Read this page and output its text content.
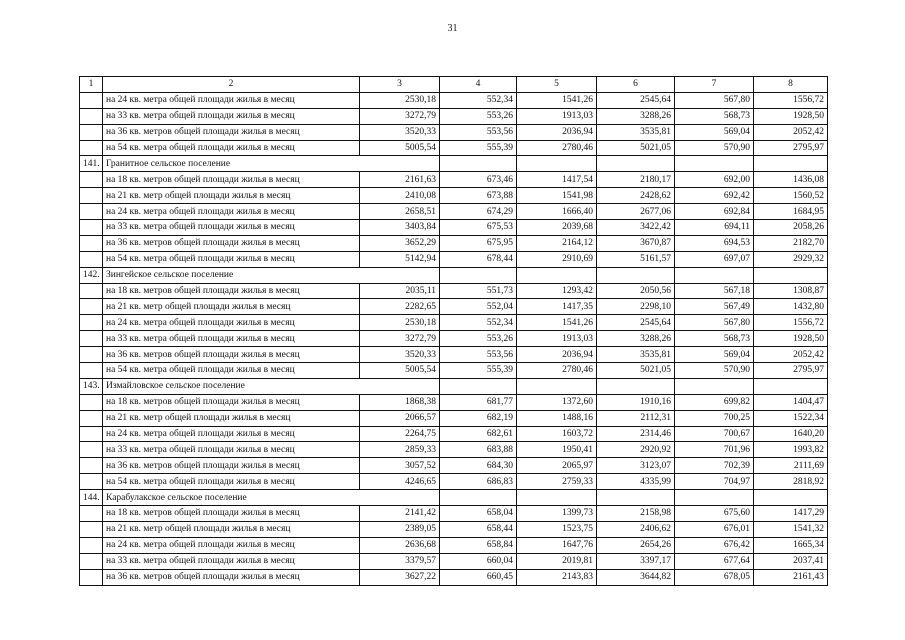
31
1	2	3	4	5	6	7	8
	на 24 кв. метра общей площади жилья в месяц	2530,18	552,34	1541,26	2545,64	567,80	1556,72
	на 33 кв. метра общей площади жилья в месяц	3272,79	553,26	1913,03	3288,26	568,73	1928,50
	на 36 кв. метров общей площади жилья в месяц	3520,33	553,56	2036,94	3535,81	569,04	2052,42
	на 54 кв. метра общей площади жилья в месяц	5005,54	555,39	2780,46	5021,05	570,90	2795,97
141.	Гранитное сельское поселение						
	на 18 кв. метров общей площади жилья в месяц	2161,63	673,46	1417,54	2180,17	692,00	1436,08
	на 21 кв. метр общей площади жилья в месяц	2410,08	673,88	1541,98	2428,62	692,42	1560,52
	на 24 кв. метра общей площади жилья в месяц	2658,51	674,29	1666,40	2677,06	692,84	1684,95
	на 33 кв. метра общей площади жилья в месяц	3403,84	675,53	2039,68	3422,42	694,11	2058,26
	на 36 кв. метров общей площади жилья в месяц	3652,29	675,95	2164,12	3670,87	694,53	2182,70
	на 54 кв. метра общей площади жилья в месяц	5142,94	678,44	2910,69	5161,57	697,07	2929,32
142.	Зингейское сельское поселение						
	на 18 кв. метров общей площади жилья в месяц	2035,11	551,73	1293,42	2050,56	567,18	1308,87
	на 21 кв. метр общей площади жилья в месяц	2282,65	552,04	1417,35	2298,10	567,49	1432,80
	на 24 кв. метра общей площади жилья в месяц	2530,18	552,34	1541,26	2545,64	567,80	1556,72
	на 33 кв. метра общей площади жилья в месяц	3272,79	553,26	1913,03	3288,26	568,73	1928,50
	на 36 кв. метров общей площади жилья в месяц	3520,33	553,56	2036,94	3535,81	569,04	2052,42
	на 54 кв. метра общей площади жилья в месяц	5005,54	555,39	2780,46	5021,05	570,90	2795,97
143.	Измайловское сельское поселение						
	на 18 кв. метров общей площади жилья в месяц	1868,38	681,77	1372,60	1910,16	699,82	1404,47
	на 21 кв. метр общей площади жилья в месяц	2066,57	682,19	1488,16	2112,31	700,25	1522,34
	на 24 кв. метра общей площади жилья в месяц	2264,75	682,61	1603,72	2314,46	700,67	1640,20
	на 33 кв. метра общей площади жилья в месяц	2859,33	683,88	1950,41	2920,92	701,96	1993,82
	на 36 кв. метров общей площади жилья в месяц	3057,52	684,30	2065,97	3123,07	702,39	2111,69
	на 54 кв. метра общей площади жилья в месяц	4246,65	686,83	2759,33	4335,99	704,97	2818,92
144.	Карабулакское сельское поселение						
	на 18 кв. метров общей площади жилья в месяц	2141,42	658,04	1399,73	2158,98	675,60	1417,29
	на 21 кв. метр общей площади жилья в месяц	2389,05	658,44	1523,75	2406,62	676,01	1541,32
	на 24 кв. метра общей площади жилья в месяц	2636,68	658,84	1647,76	2654,26	676,42	1665,34
	на 33 кв. метра общей площади жилья в месяц	3379,57	660,04	2019,81	3397,17	677,64	2037,41
	на 36 кв. метров общей площади жилья в месяц	3627,22	660,45	2143,83	3644,82	678,05	2161,43
